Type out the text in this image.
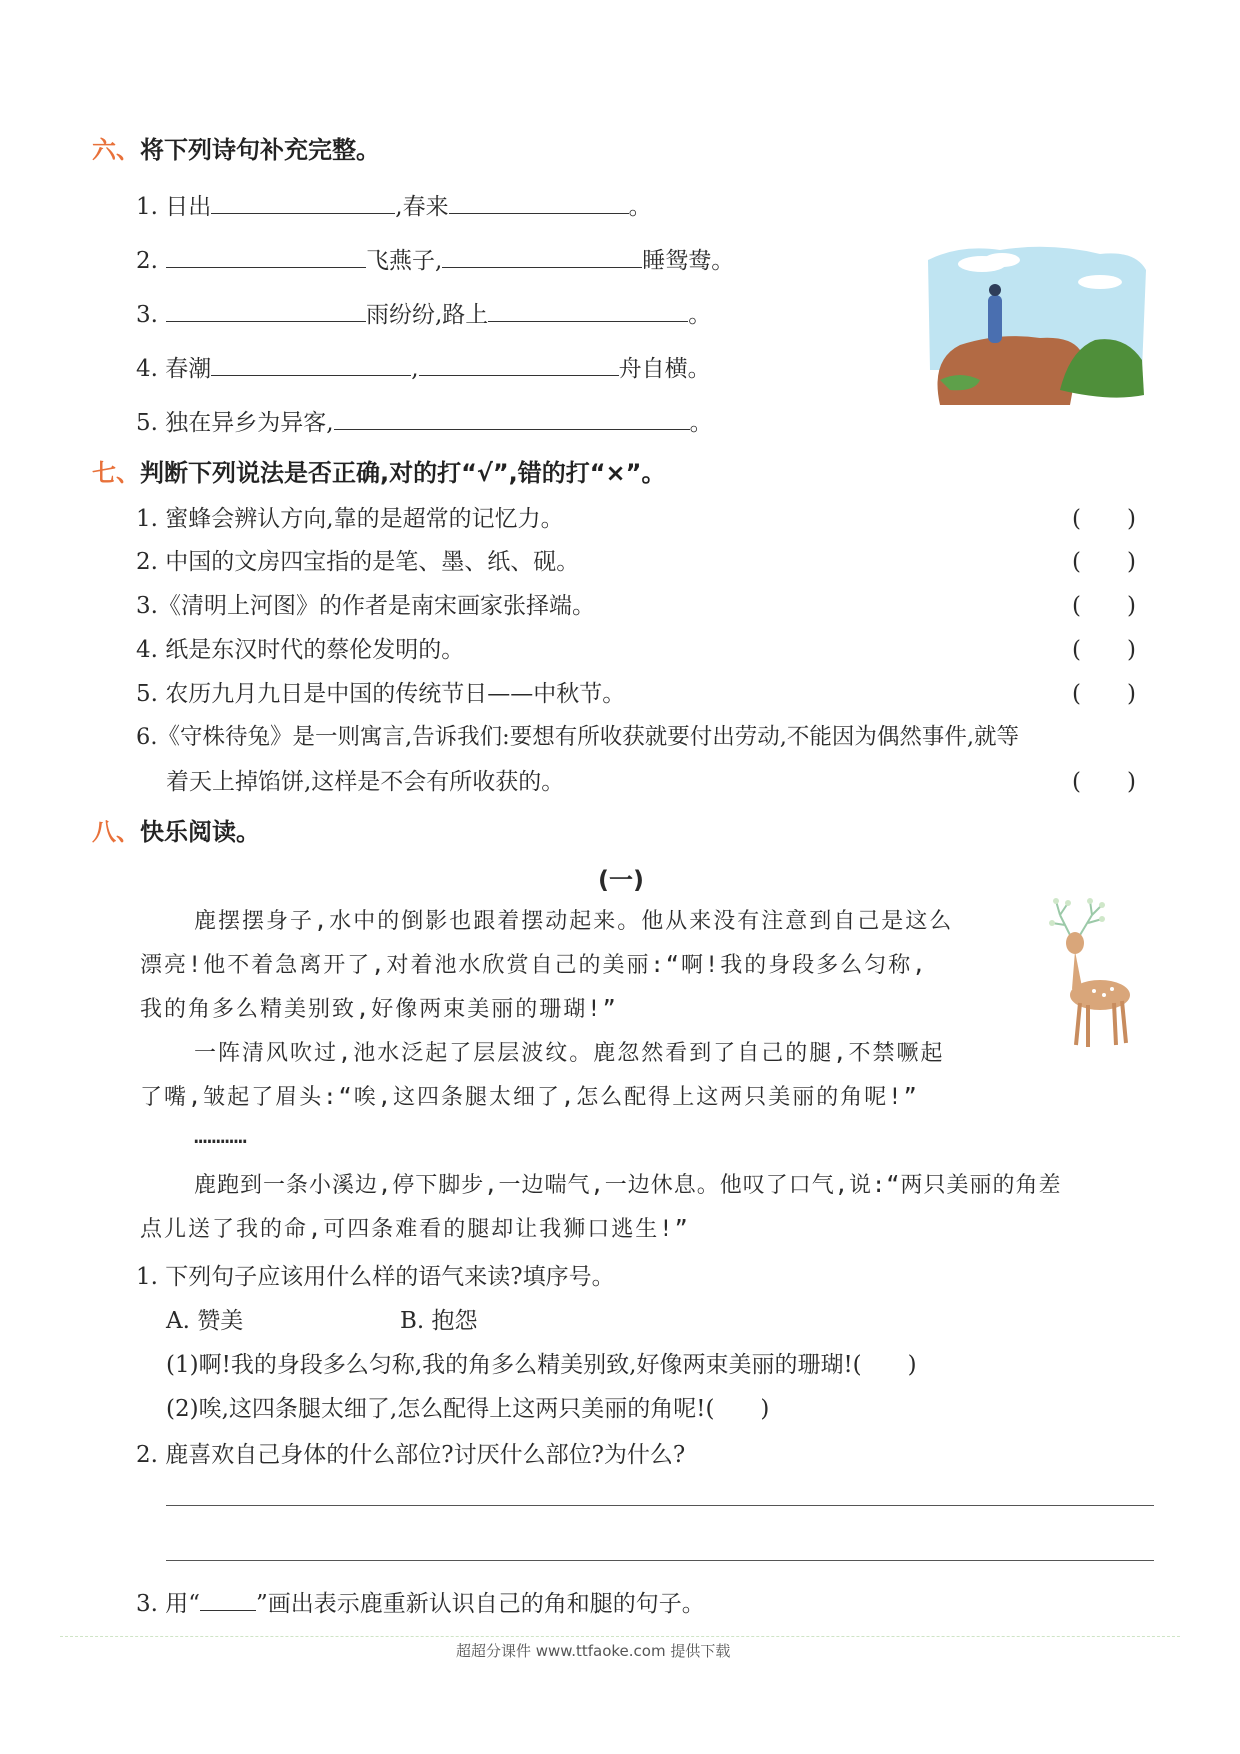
六、将下列诗句补充完整。
1. 日出	,春来	。
2.	飞燕子,	睡鸳鸯。
3.	雨纷纷,路上	。
4. 春潮	,	舟自横。
5. 独在异乡为异客,	。
七、判断下列说法是否正确,对的打“√”,错的打“×”。
1. 蜜蜂会辨认方向,靠的是超常的记忆力。	(　　)
2. 中国的文房四宝指的是笔、墨、纸、砚。	(　　)
3.《清明上河图》的作者是南宋画家张择端。	(　　)
4. 纸是东汉时代的蔡伦发明的。	(　　)
5. 农历九月九日是中国的传统节日——中秋节。	(　　)
6.《守株待兔》是一则寓言,告诉我们:要想有所收获就要付出劳动,不能因为偶然事件,就等
着天上掉馅饼,这样是不会有所收获的。	(　　)
八、快乐阅读。
(一)
鹿摆摆身子,水中的倒影也跟着摆动起来。他从来没有注意到自己是这么
漂亮!他不着急离开了,对着池水欣赏自己的美丽:“啊!我的身段多么匀称,
我的角多么精美别致,好像两束美丽的珊瑚!”
一阵清风吹过,池水泛起了层层波纹。鹿忽然看到了自己的腿,不禁噘起
了嘴,皱起了眉头:“唉,这四条腿太细了,怎么配得上这两只美丽的角呢!”
…………
鹿跑到一条小溪边,停下脚步,一边喘气,一边休息。他叹了口气,说:“两只美丽的角差
点儿送了我的命,可四条难看的腿却让我狮口逃生!”
1. 下列句子应该用什么样的语气来读?填序号。
A. 赞美	B. 抱怨
(1)啊!我的身段多么匀称,我的角多么精美别致,好像两束美丽的珊瑚!(　　)
(2)唉,这四条腿太细了,怎么配得上这两只美丽的角呢!(　　)
2. 鹿喜欢自己身体的什么部位?讨厌什么部位?为什么?
3. 用“ ”画出表示鹿重新认识自己的角和腿的句子。
超超分课件 www.ttfaoke.com 提供下载
